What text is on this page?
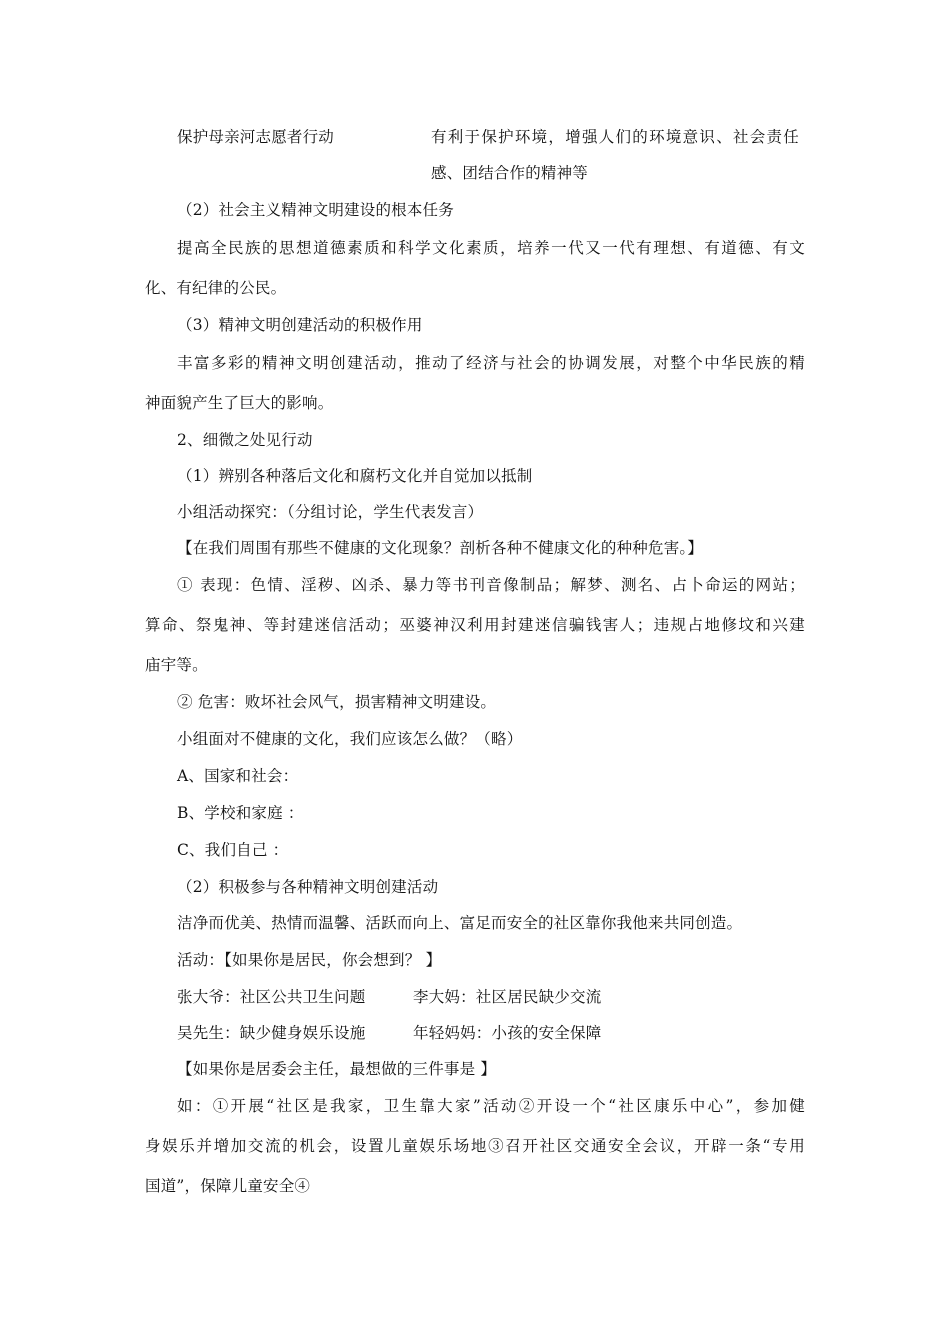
保护母亲河志愿者行动	有利于保护环境，增强人们的环境意识、社会责任
感、团结合作的精神等
（2）社会主义精神文明建设的根本任务
提高全民族的思想道德素质和科学文化素质，培养一代又一代有理想、有道德、有文
化、有纪律的公民。
（3）精神文明创建活动的积极作用
丰富多彩的精神文明创建活动，推动了经济与社会的协调发展，对整个中华民族的精
神面貌产生了巨大的影响。
2、细微之处见行动
（1）辨别各种落后文化和腐朽文化并自觉加以抵制
小组活动探究：（分组讨论，学生代表发言）
【在我们周围有那些不健康的文化现象？剖析各种不健康文化的种种危害。】
① 表现：色情、淫秽、凶杀、暴力等书刊音像制品；解梦、测名、占卜命运的网站；
算命、祭鬼神、等封建迷信活动；巫婆神汉利用封建迷信骗钱害人；违规占地修坟和兴建
庙宇等。
② 危害：败坏社会风气，损害精神文明建设。
小组面对不健康的文化，我们应该怎么做？（略）
A、国家和社会：
B、学校和家庭 ：
C、我们自己 ：
（2）积极参与各种精神文明创建活动
洁净而优美、热情而温馨、活跃而向上、富足而安全的社区靠你我他来共同创造。
活动：【如果你是居民，你会想到？ 】
张大爷：社区公共卫生问题	李大妈：社区居民缺少交流
吴先生：缺少健身娱乐设施	年轻妈妈：小孩的安全保障
【如果你是居委会主任，最想做的三件事是 】
如：①开展“社区是我家，卫生靠大家”活动②开设一个“社区康乐中心”，参加健
身娱乐并增加交流的机会，设置儿童娱乐场地③召开社区交通安全会议，开辟一条“专用
国道”，保障儿童安全④
